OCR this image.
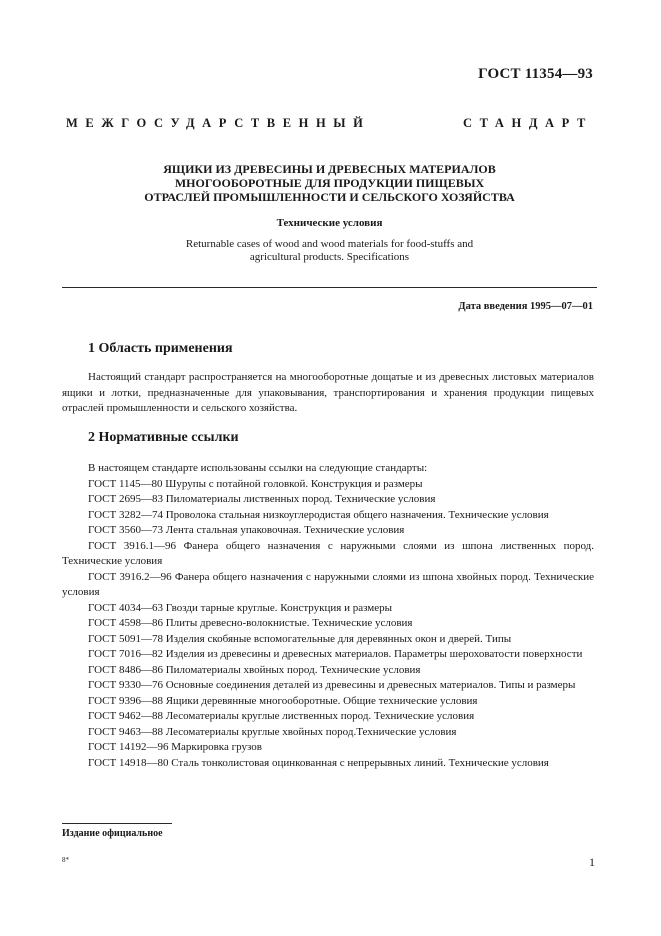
ГОСТ 11354—93
МЕЖГОСУДАРСТВЕННЫЙ	СТАНДАРТ
ЯЩИКИ ИЗ ДРЕВЕСИНЫ И ДРЕВЕСНЫХ МАТЕРИАЛОВ
МНОГООБОРОТНЫЕ ДЛЯ ПРОДУКЦИИ ПИЩЕВЫХ
ОТРАСЛЕЙ ПРОМЫШЛЕННОСТИ И СЕЛЬСКОГО ХОЗЯЙСТВА
Технические условия
Returnable cases of wood and wood materials for food-stuffs and
agricultural products. Specifications
Дата введения 1995—07—01
1 Область применения

Настоящий стандарт распространяется на многооборотные дощатые и из древесных листовых материалов ящики и лотки, предназначенные для упаковывания, транспортирования и хранения продукции пищевых отраслей промышленности и сельского хозяйства.

2 Нормативные ссылки

В настоящем стандарте использованы ссылки на следующие стандарты:

ГОСТ 1145—80 Шурупы с потайной головкой. Конструкция и размеры

ГОСТ 2695—83 Пиломатериалы лиственных пород. Технические условия

ГОСТ 3282—74 Проволока стальная низкоуглеродистая общего назначения. Технические условия

ГОСТ 3560—73 Лента стальная упаковочная. Технические условия

ГОСТ 3916.1—96 Фанера общего назначения с наружными слоями из шпона лиственных пород. Технические условия

ГОСТ 3916.2—96 Фанера общего назначения с наружными слоями из шпона хвойных пород. Технические условия

ГОСТ 4034—63 Гвозди тарные круглые. Конструкция и размеры

ГОСТ 4598—86 Плиты древесно-волокнистые. Технические условия

ГОСТ 5091—78 Изделия скобяные вспомогательные для деревянных окон и дверей. Типы

ГОСТ 7016—82 Изделия из древесины и древесных материалов. Параметры шероховатости поверхности

ГОСТ 8486—86 Пиломатериалы хвойных пород. Технические условия

ГОСТ 9330—76 Основные соединения деталей из древесины и древесных материалов. Типы и размеры

ГОСТ 9396—88 Ящики деревянные многооборотные. Общие технические условия

ГОСТ 9462—88 Лесоматериалы круглые лиственных пород. Технические условия

ГОСТ 9463—88 Лесоматериалы круглые хвойных пород.Технические условия

ГОСТ 14192—96 Маркировка грузов

ГОСТ 14918—80 Сталь тонколистовая оцинкованная с непрерывных линий. Технические условия

Издание официальное
8*	1
